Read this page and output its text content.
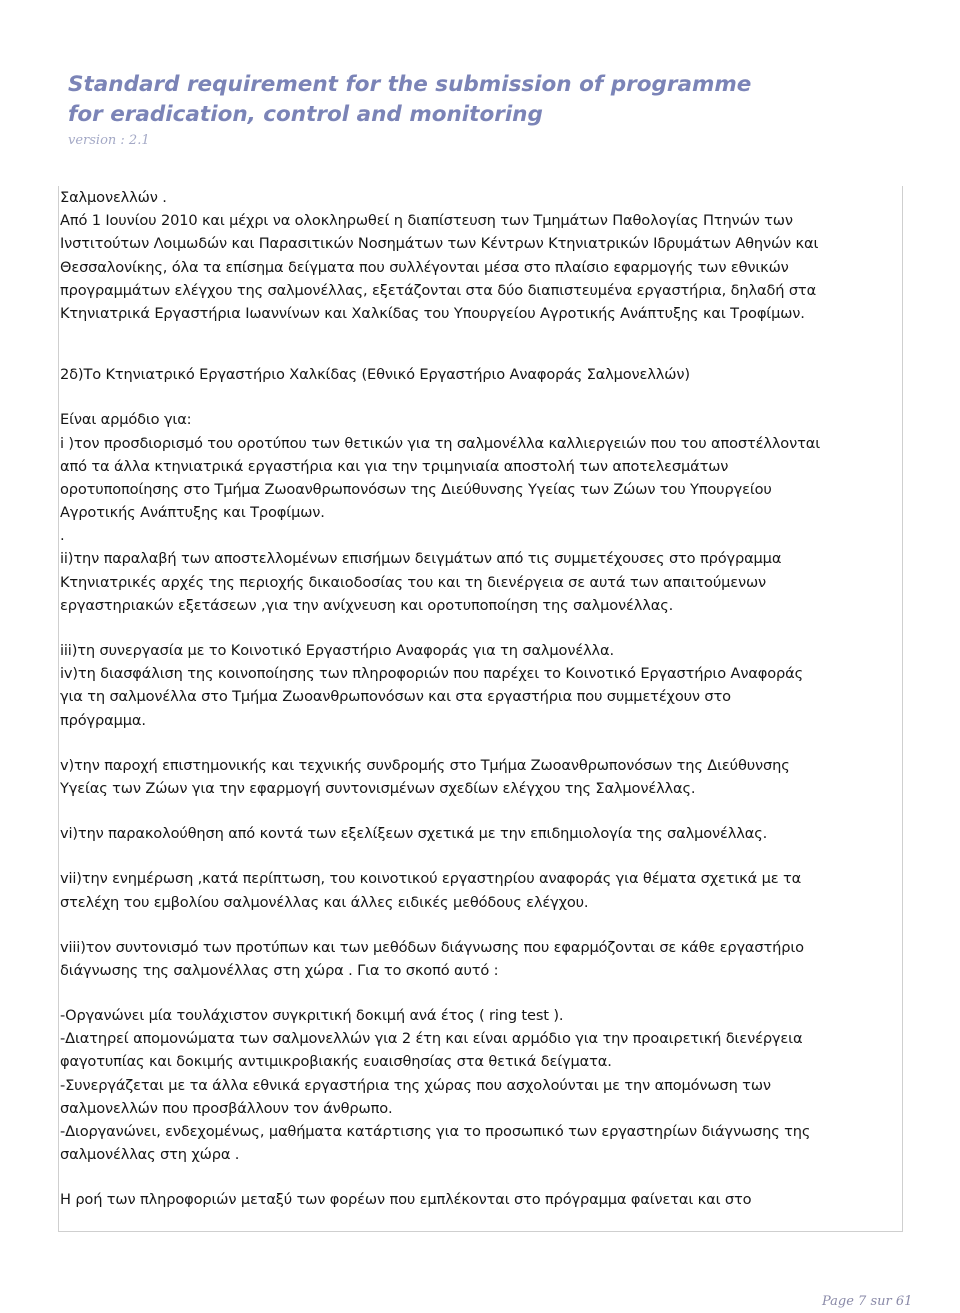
Standard requirement for the submission of programme
for eradication, control and monitoring
version : 2.1
Σαλμονελλών .
Από 1 Ιουνίου 2010 και μέχρι να ολοκληρωθεί η διαπίστευση των Τμημάτων Παθολογίας Πτηνών των
Ινστιτούτων Λοιμωδών και Παρασιτικών Νοσημάτων των Κέντρων Κτηνιατρικών Ιδρυμάτων Αθηνών και
Θεσσαλονίκης, όλα τα επίσημα δείγματα που συλλέγονται μέσα στο πλαίσιο εφαρμογής των εθνικών
προγραμμάτων ελέγχου της σαλμονέλλας, εξετάζονται στα δύο διαπιστευμένα εργαστήρια, δηλαδή στα
Κτηνιατρικά Εργαστήρια Ιωαννίνων και Χαλκίδας του Υπουργείου Αγροτικής Ανάπτυξης και Τροφίμων.
2δ)Το Κτηνιατρικό Εργαστήριο Χαλκίδας (Εθνικό Εργαστήριο Αναφοράς Σαλμονελλών)
Είναι αρμόδιο για:
i )τον προσδιορισμό του οροτύπου των θετικών για τη σαλμονέλλα καλλιεργειών που του αποστέλλονται
από τα άλλα κτηνιατρικά εργαστήρια και για την τριμηνιαία αποστολή των αποτελεσμάτων
ορoτυποποίησης στο Τμήμα Ζωοανθρωπονόσων της Διεύθυνσης Υγείας των Ζώων του Υπουργείου
Αγροτικής Ανάπτυξης και Τροφίμων.
.
ii)την παραλαβή των αποστελλομένων επισήμων δειγμάτων από τις συμμετέχουσες στο πρόγραμμα
Κτηνιατρικές αρχές της περιοχής δικαιοδοσίας του και τη διενέργεια σε αυτά των απαιτούμενων
εργαστηριακών εξετάσεων ,για την ανίχνευση και οροτυποποίηση της σαλμονέλλας.
iii)τη συνεργασία με το Κοινοτικό Εργαστήριο Αναφοράς για τη σαλμονέλλα.
iv)τη διασφάλιση της κοινοποίησης των πληροφοριών που παρέχει το Κοινοτικό Εργαστήριο Αναφοράς
για τη σαλμονέλλα στο Τμήμα Ζωοανθρωπονόσων και στα εργαστήρια που συμμετέχουν στο
πρόγραμμα.
v)την παροχή επιστημονικής και τεχνικής συνδρομής στο Τμήμα Ζωοανθρωπονόσων της Διεύθυνσης
Υγείας των Ζώων για την εφαρμογή συντονισμένων σχεδίων ελέγχου της Σαλμονέλλας.
vi)την παρακολούθηση από κοντά των εξελίξεων σχετικά με την επιδημιολογία της σαλμονέλλας.
vii)την ενημέρωση ,κατά περίπτωση, του κοινοτικού εργαστηρίου αναφοράς για θέματα σχετικά με τα
στελέχη του εμβολίου σαλμονέλλας και άλλες ειδικές μεθόδους ελέγχου.
viii)τον συντονισμό των προτύπων και των μεθόδων διάγνωσης που εφαρμόζονται σε κάθε εργαστήριο
διάγνωσης της σαλμονέλλας στη χώρα . Για το σκοπό αυτό :
-Οργανώνει μία τουλάχιστον συγκριτική δοκιμή ανά έτος ( ring test ).
-Διατηρεί απομονώματα των σαλμονελλών για 2 έτη και είναι αρμόδιο για την προαιρετική διενέργεια
φαγοτυπίας και δοκιμής αντιμικροβιακής ευαισθησίας στα θετικά δείγματα.
-Συνεργάζεται με τα άλλα εθνικά εργαστήρια της χώρας που ασχολούνται με την απομόνωση των
σαλμονελλών που προσβάλλουν τον άνθρωπο.
-Διοργανώνει, ενδεχομένως, μαθήματα κατάρτισης για το προσωπικό των εργαστηρίων διάγνωσης της
σαλμονέλλας στη χώρα .
Η ροή των πληροφοριών μεταξύ των φορέων που εμπλέκονται στο πρόγραμμα φαίνεται και στο
Page 7 sur 61
